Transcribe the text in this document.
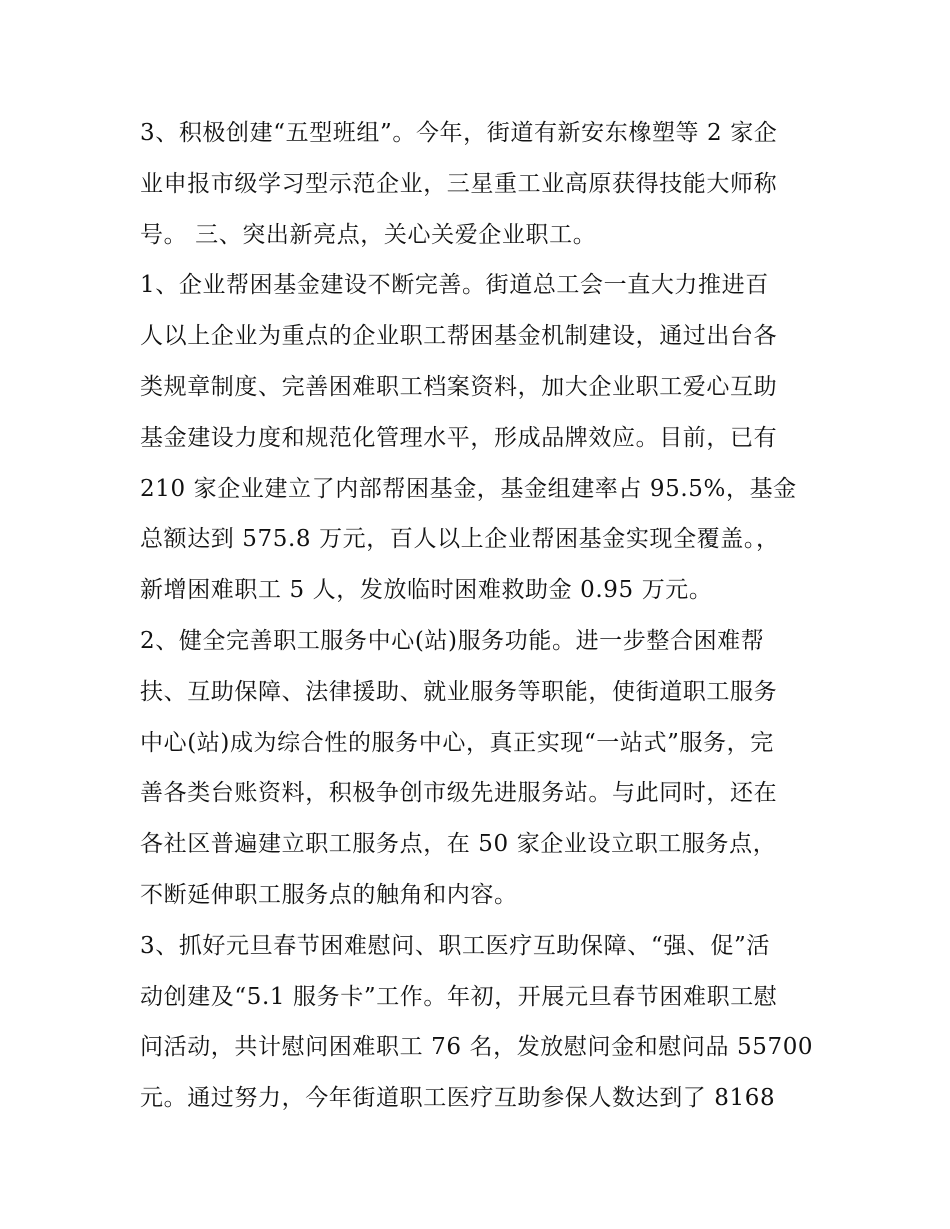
3、积极创建“五型班组”。今年，街道有新安东橡塑等 2 家企
业申报市级学习型示范企业，三星重工业高原获得技能大师称
号。 三、突出新亮点，关心关爱企业职工。
1、企业帮困基金建设不断完善。街道总工会一直大力推进百
人以上企业为重点的企业职工帮困基金机制建设，通过出台各
类规章制度、完善困难职工档案资料，加大企业职工爱心互助
基金建设力度和规范化管理水平，形成品牌效应。目前，已有
210 家企业建立了内部帮困基金，基金组建率占 95.5%，基金
总额达到 575.8 万元，百人以上企业帮困基金实现全覆盖。，
新增困难职工 5 人，发放临时困难救助金 0.95 万元。
2、健全完善职工服务中心(站)服务功能。进一步整合困难帮
扶、互助保障、法律援助、就业服务等职能，使街道职工服务
中心(站)成为综合性的服务中心，真正实现“一站式”服务，完
善各类台账资料，积极争创市级先进服务站。与此同时，还在
各社区普遍建立职工服务点，在 50 家企业设立职工服务点，
不断延伸职工服务点的触角和内容。
3、抓好元旦春节困难慰问、职工医疗互助保障、“强、促”活
动创建及“5.1 服务卡”工作。年初，开展元旦春节困难职工慰
问活动，共计慰问困难职工 76 名，发放慰问金和慰问品 55700
元。通过努力，今年街道职工医疗互助参保人数达到了 8168
